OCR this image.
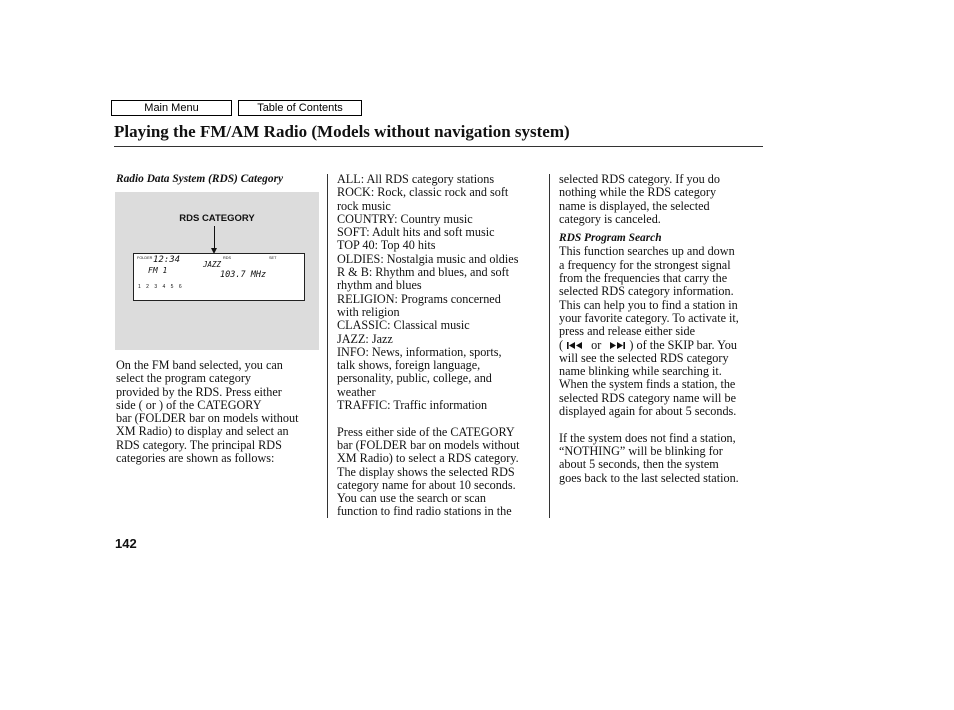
Main Menu	Table of Contents
Playing the FM/AM Radio (Models without navigation system)

Radio Data System (RDS) Category

RDS CATEGORY
FOLDER	RDS	SET
12:34
FM 1
JAZZ
103.7 MHz
1 2 3 4 5 6

On the FM band selected, you can

select the program category

provided by the RDS. Press either

side ( or ) of the CATEGORY

bar (FOLDER bar on models without

XM Radio) to display and select an

RDS category. The principal RDS

categories are shown as follows:

ALL: All RDS category stations

ROCK: Rock, classic rock and soft

rock music

COUNTRY: Country music

SOFT: Adult hits and soft music

TOP 40: Top 40 hits

OLDIES: Nostalgia music and oldies

R & B: Rhythm and blues, and soft

rhythm and blues

RELIGION: Programs concerned

with religion

CLASSIC: Classical music

JAZZ: Jazz

INFO: News, information, sports,

talk shows, foreign language,

personality, public, college, and

weather

TRAFFIC: Traffic information

Press either side of the CATEGORY

bar (FOLDER bar on models without

XM Radio) to select a RDS category.

The display shows the selected RDS

category name for about 10 seconds.

You can use the search or scan

function to find radio stations in the

selected RDS category. If you do

nothing while the RDS category

name is displayed, the selected

category is canceled.

RDS Program Search

This function searches up and down

a frequency for the strongest signal

from the frequencies that carry the

selected RDS category information.

This can help you to find a station in

your favorite category. To activate it,

press and release either side

( or ) of the SKIP bar. You

will see the selected RDS category

name blinking while searching it.

When the system finds a station, the

selected RDS category name will be

displayed again for about 5 seconds.

If the system does not find a station,

“NOTHING” will be blinking for

about 5 seconds, then the system

goes back to the last selected station.

142
